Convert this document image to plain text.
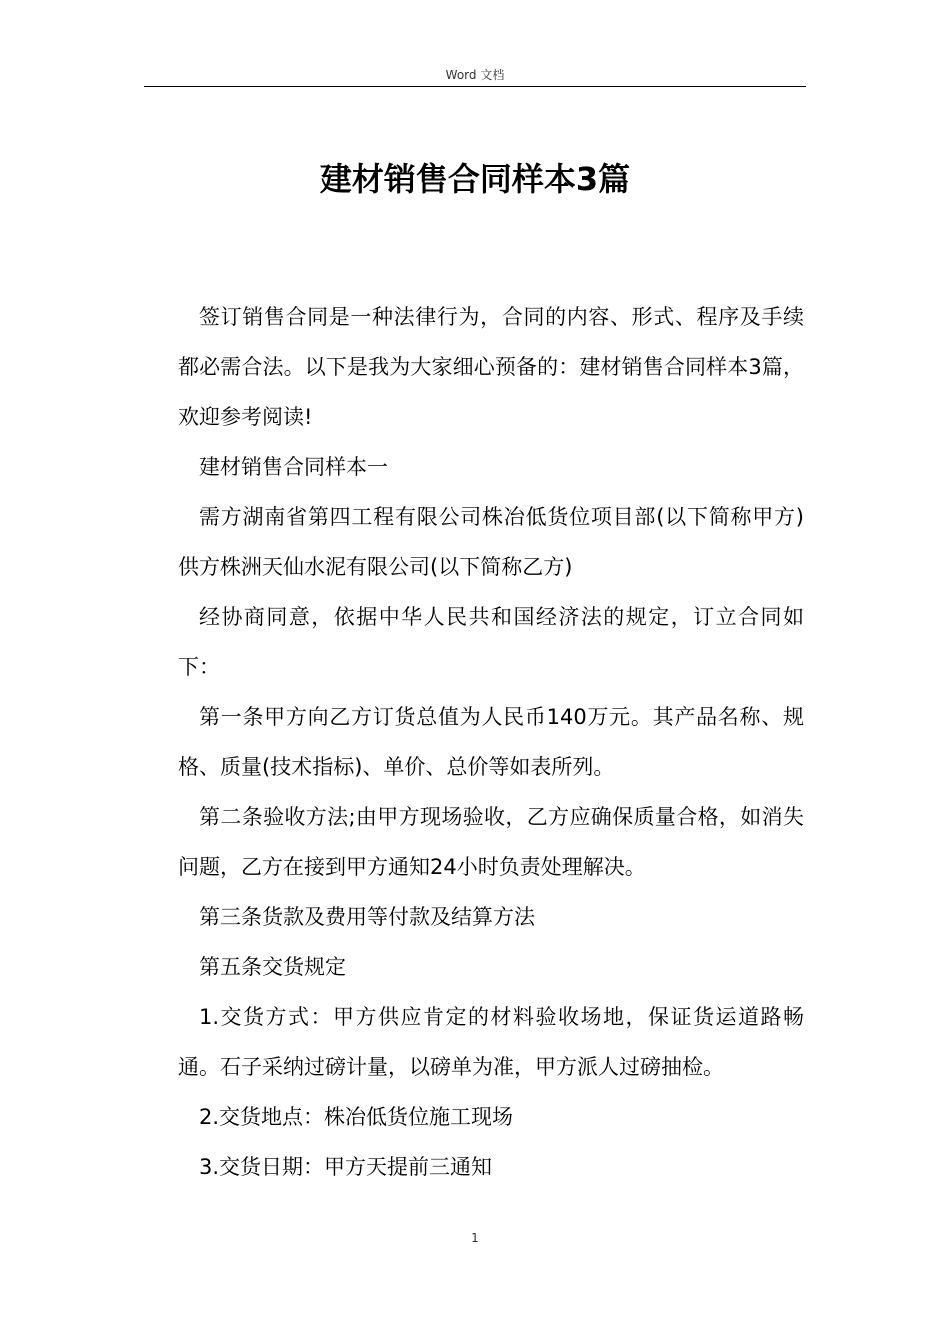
Word 文档
建材销售合同样本3篇

签订销售合同是一种法律行为，合同的内容、形式、程序及手续都必需合法。以下是我为大家细心预备的：建材销售合同样本3篇，欢迎参考阅读!

建材销售合同样本一

需方湖南省第四工程有限公司株冶低货位项目部(以下简称甲方)　供方株洲天仙水泥有限公司(以下简称乙方)

经协商同意，依据中华人民共和国经济法的规定，订立合同如下：

第一条甲方向乙方订货总值为人民币140万元。其产品名称、规格、质量(技术指标)、单价、总价等如表所列。

第二条验收方法;由甲方现场验收，乙方应确保质量合格，如消失问题，乙方在接到甲方通知24小时负责处理解决。

第三条货款及费用等付款及结算方法

第五条交货规定

1.交货方式：甲方供应肯定的材料验收场地，保证货运道路畅通。石子采纳过磅计量，以磅单为准，甲方派人过磅抽检。

2.交货地点：株冶低货位施工现场

3.交货日期：甲方天提前三通知

1
